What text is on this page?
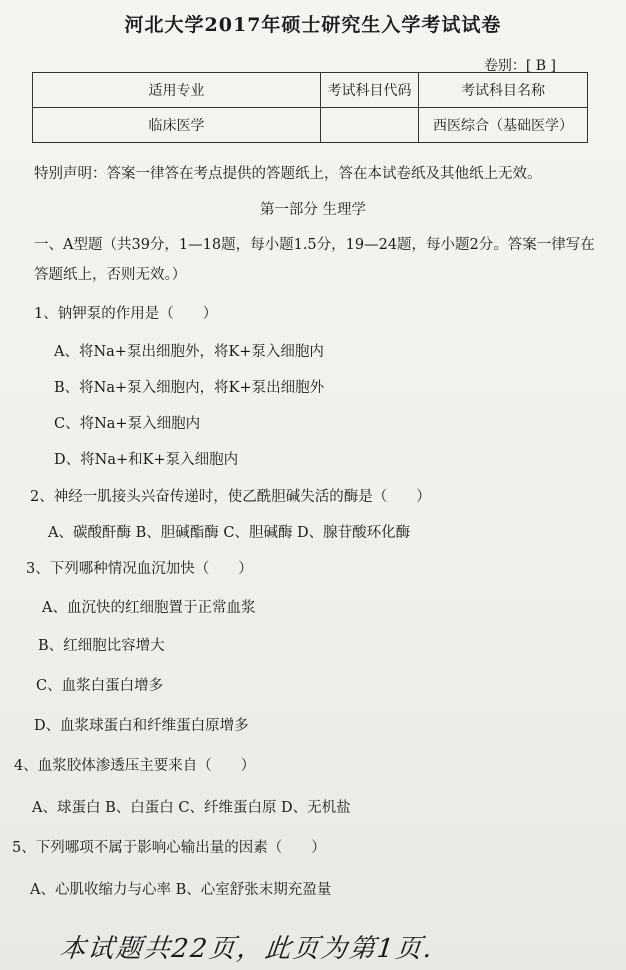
河北大学2017年硕士研究生入学考试试卷
卷别：[ B ]
适用专业	考试科目代码	考试科目名称
临床医学		西医综合（基础医学）
特别声明：答案一律答在考点提供的答题纸上，答在本试卷纸及其他纸上无效。
第一部分 生理学
一、A型题（共39分，1—18题，每小题1.5分，19—24题，每小题2分。答案一律写在
答题纸上，否则无效。）
1、钠钾泵的作用是（　　）
A、将Na+泵出细胞外，将K+泵入细胞内
B、将Na+泵入细胞内，将K+泵出细胞外
C、将Na+泵入细胞内
D、将Na+和K+泵入细胞内
2、神经一肌接头兴奋传递时，使乙酰胆碱失活的酶是（　　）
A、碳酸酐酶 B、胆碱酯酶 C、胆碱酶 D、腺苷酸环化酶
3、下列哪种情况血沉加快（　　）
A、血沉快的红细胞置于正常血浆
B、红细胞比容增大
C、血浆白蛋白增多
D、血浆球蛋白和纤维蛋白原增多
4、血浆胶体渗透压主要来自（　　）
A、球蛋白 B、白蛋白 C、纤维蛋白原 D、无机盐
5、下列哪项不属于影响心输出量的因素（　　）
A、心肌收缩力与心率 B、心室舒张末期充盈量
本试题共22页，此页为第1页.
